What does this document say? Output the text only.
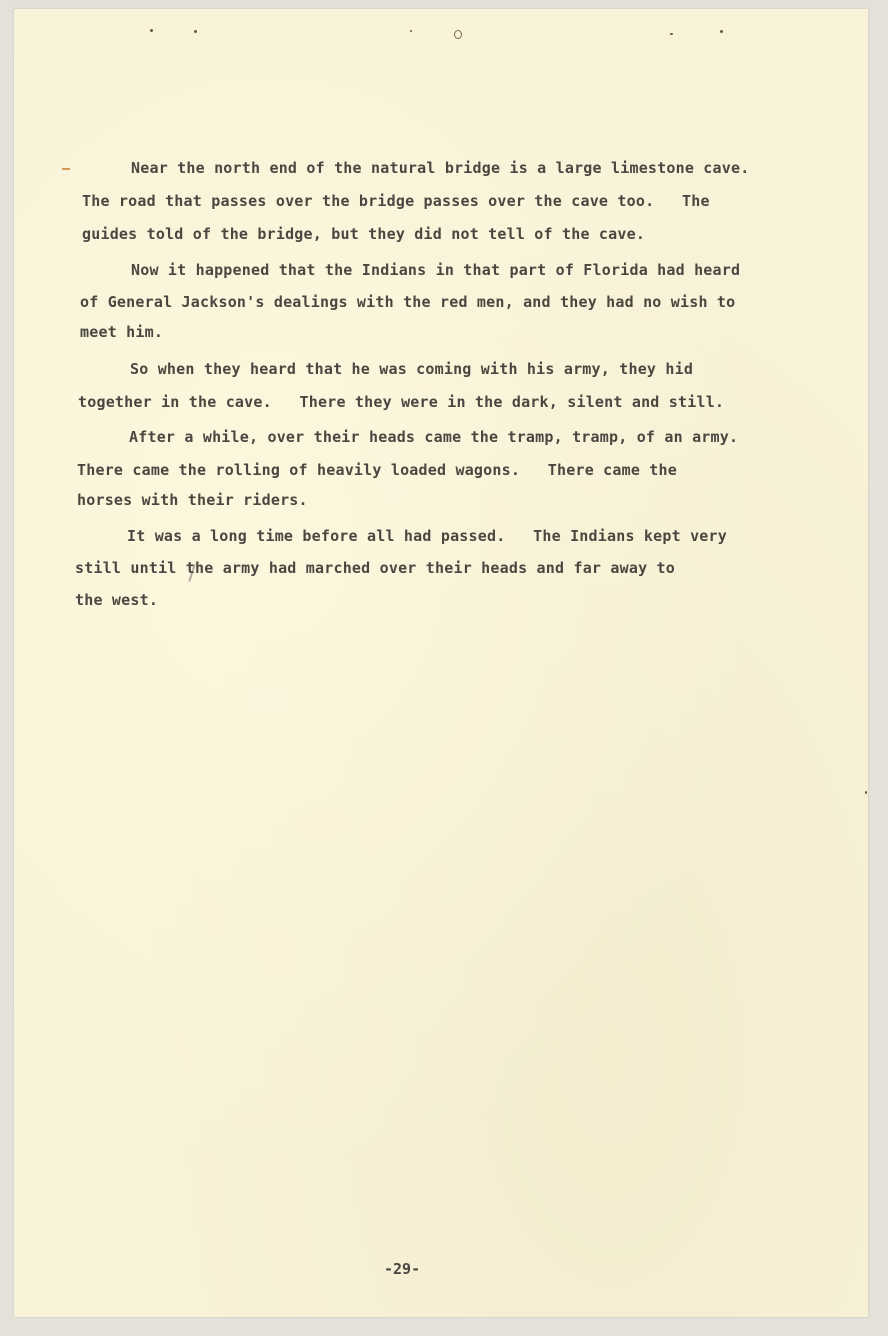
Near the north end of the natural bridge is a large limestone cave.
The road that passes over the bridge passes over the cave too.   The
guides told of the bridge, but they did not tell of the cave.
Now it happened that the Indians in that part of Florida had heard
of General Jackson's dealings with the red men, and they had no wish to
meet him.
So when they heard that he was coming with his army, they hid
together in the cave.   There they were in the dark, silent and still.
After a while, over their heads came the tramp, tramp, of an army.
There came the rolling of heavily loaded wagons.   There came the
horses with their riders.
It was a long time before all had passed.   The Indians kept very
still until the army had marched over their heads and far away to
the west.
-29-
